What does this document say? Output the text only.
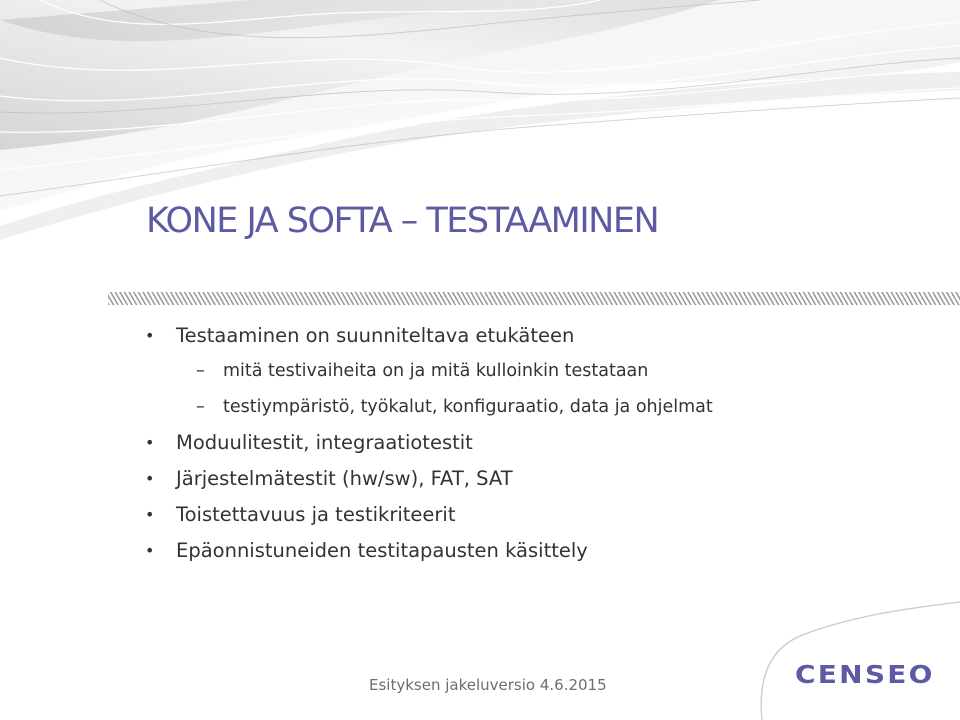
KONE JA SOFTA – TESTAAMINEN
• Testaaminen on suunniteltava etukäteen
– mitä testivaiheita on ja mitä kulloinkin testataan
– testiympäristö, työkalut, konfiguraatio, data ja ohjelmat
• Moduulitestit, integraatiotestit
• Järjestelmätestit (hw/sw), FAT, SAT
• Toistettavuus ja testikriteerit
• Epäonnistuneiden testitapausten käsittely
Esityksen jakeluversio 4.6.2015	CENSEO
